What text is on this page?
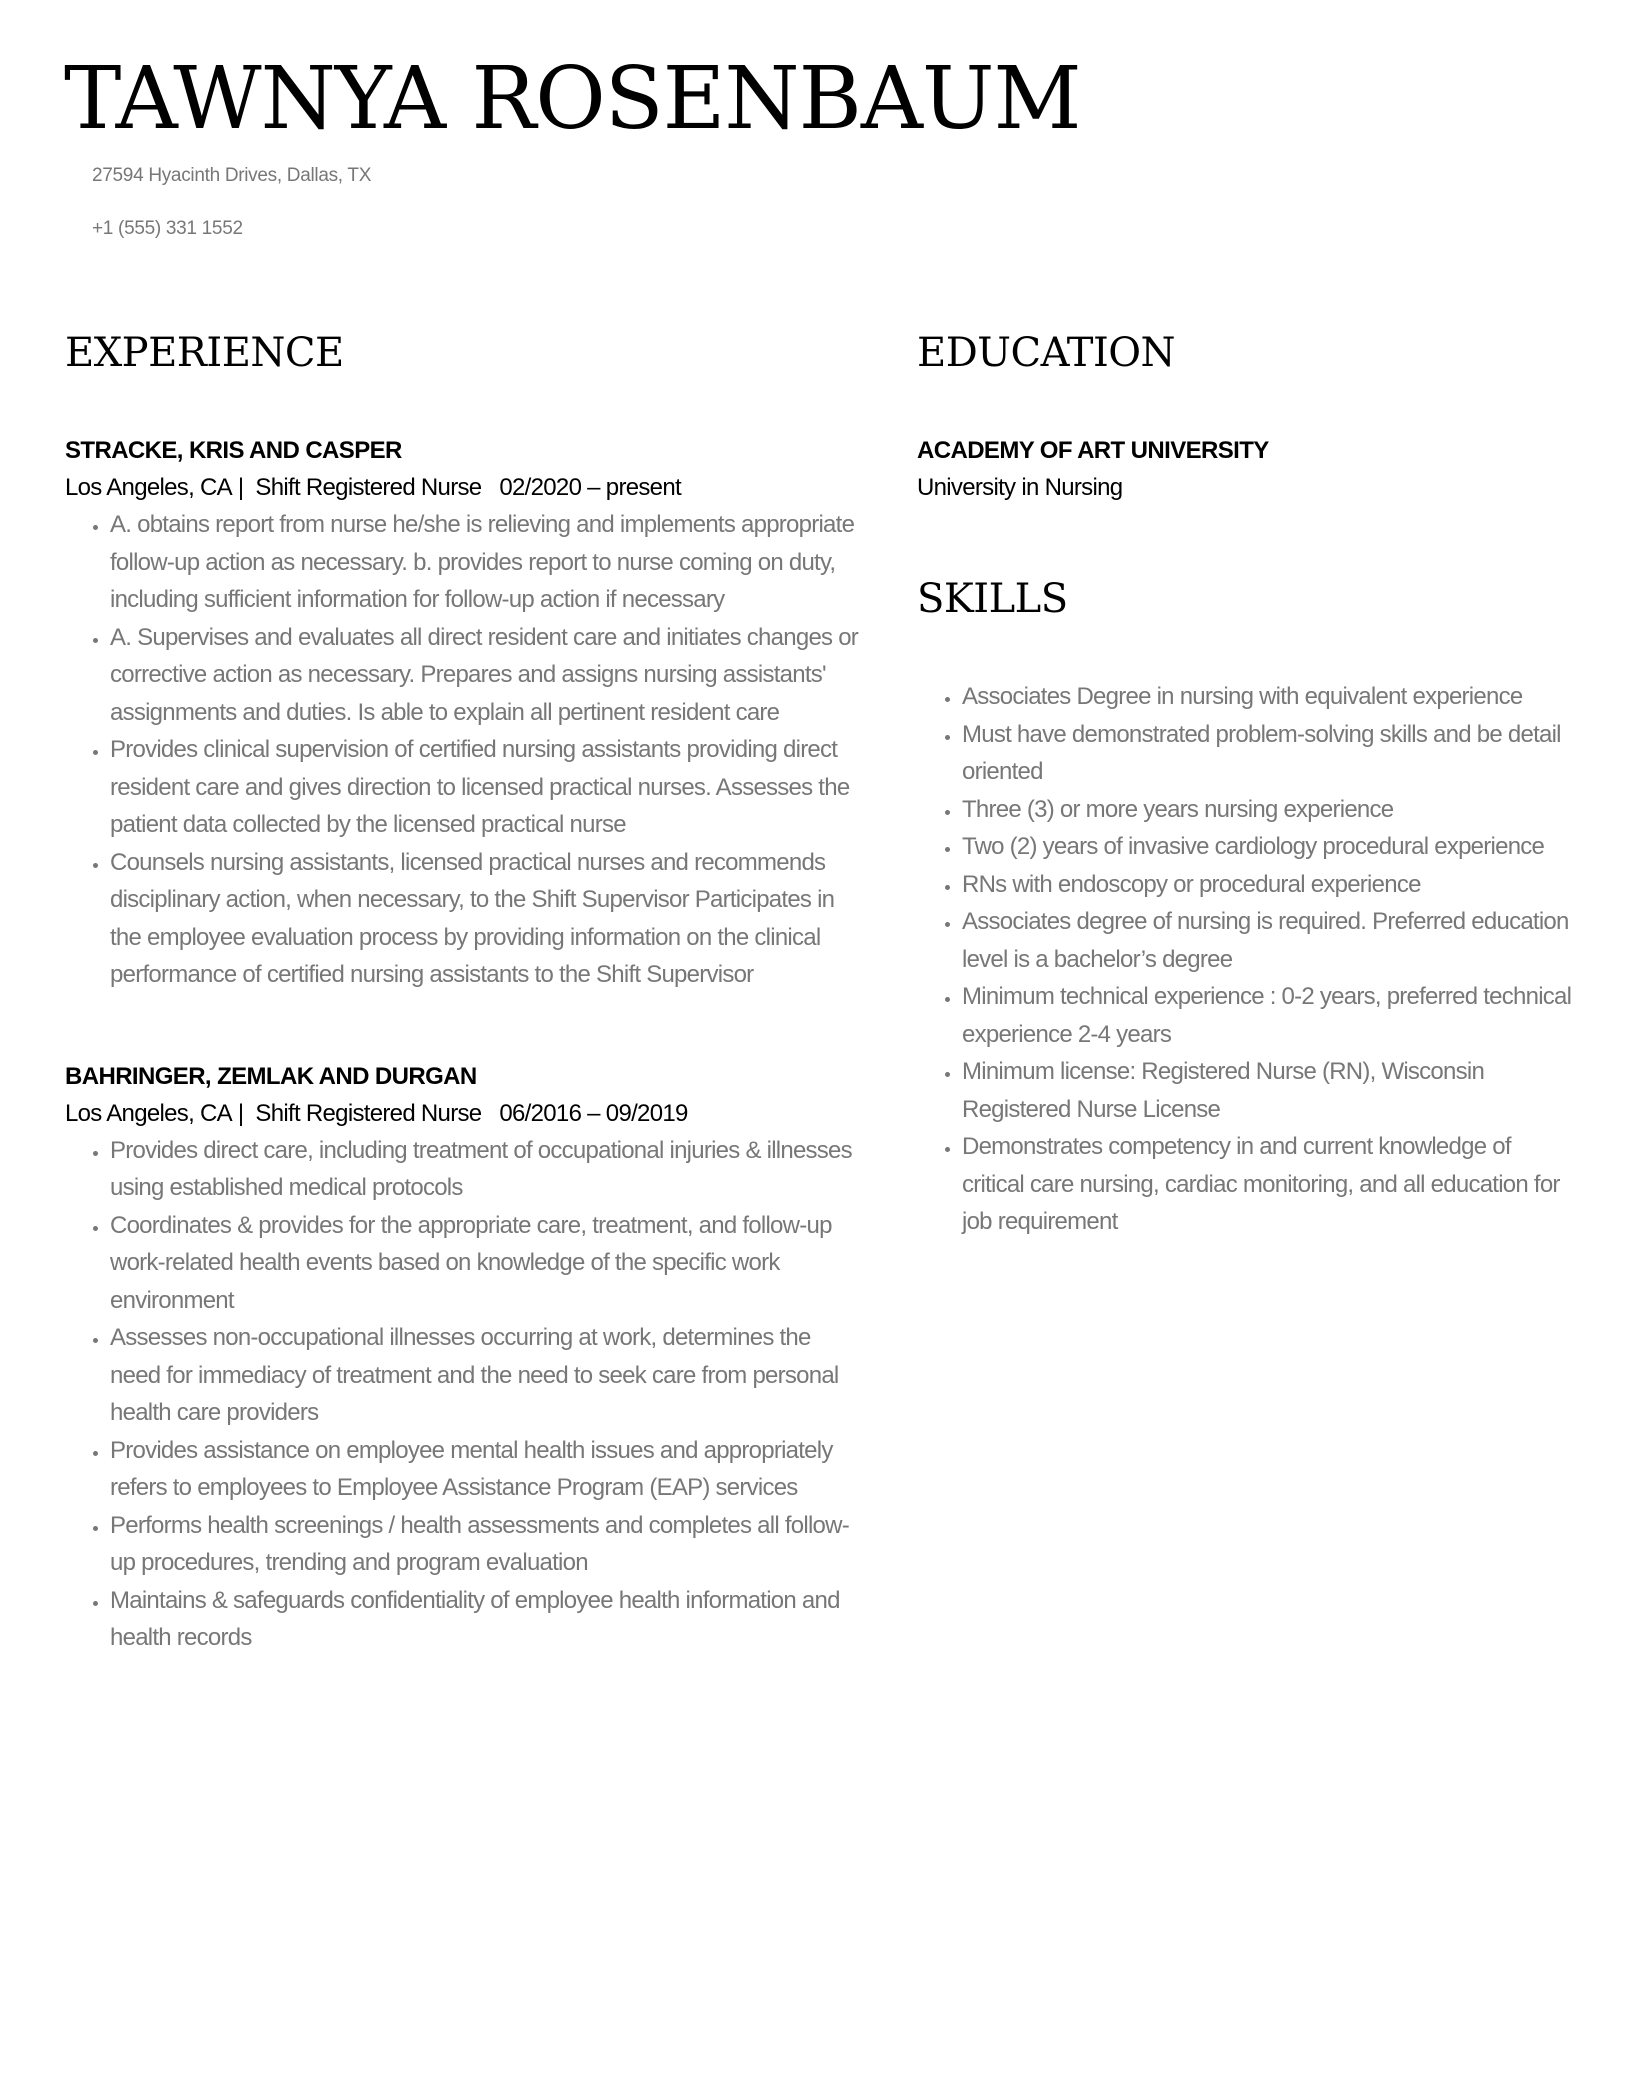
TAWNYA ROSENBAUM
27594 Hyacinth Drives, Dallas, TX
+1 (555) 331 1552
EXPERIENCE
STRACKE, KRIS AND CASPER
Los Angeles, CA |  Shift Registered Nurse 02/2020 – present
• A. obtains report from nurse he/she is relieving and implements appropriate follow-up action as necessary. b. provides report to nurse coming on duty, including sufficient information for follow-up action if necessary
• A. Supervises and evaluates all direct resident care and initiates changes or corrective action as necessary. Prepares and assigns nursing assistants' assignments and duties. Is able to explain all pertinent resident care
• Provides clinical supervision of certified nursing assistants providing direct resident care and gives direction to licensed practical nurses. Assesses the patient data collected by the licensed practical nurse
• Counsels nursing assistants, licensed practical nurses and recommends disciplinary action, when necessary, to the Shift Supervisor Participates in the employee evaluation process by providing information on the clinical performance of certified nursing assistants to the Shift Supervisor
BAHRINGER, ZEMLAK AND DURGAN
Los Angeles, CA |  Shift Registered Nurse 06/2016 – 09/2019
• Provides direct care, including treatment of occupational injuries & illnesses using established medical protocols
• Coordinates & provides for the appropriate care, treatment, and follow-up work-related health events based on knowledge of the specific work environment
• Assesses non-occupational illnesses occurring at work, determines the need for immediacy of treatment and the need to seek care from personal health care providers
• Provides assistance on employee mental health issues and appropriately refers to employees to Employee Assistance Program (EAP) services
• Performs health screenings / health assessments and completes all follow-up procedures, trending and program evaluation
• Maintains & safeguards confidentiality of employee health information and health records
EDUCATION
ACADEMY OF ART UNIVERSITY
University in Nursing
SKILLS
• Associates Degree in nursing with equivalent experience
• Must have demonstrated problem-solving skills and be detail oriented
• Three (3) or more years nursing experience
• Two (2) years of invasive cardiology procedural experience
• RNs with endoscopy or procedural experience
• Associates degree of nursing is required. Preferred education level is a bachelor’s degree
• Minimum technical experience : 0-2 years, preferred technical experience 2-4 years
• Minimum license: Registered Nurse (RN), Wisconsin Registered Nurse License
• Demonstrates competency in and current knowledge of critical care nursing, cardiac monitoring, and all education for job requirement
